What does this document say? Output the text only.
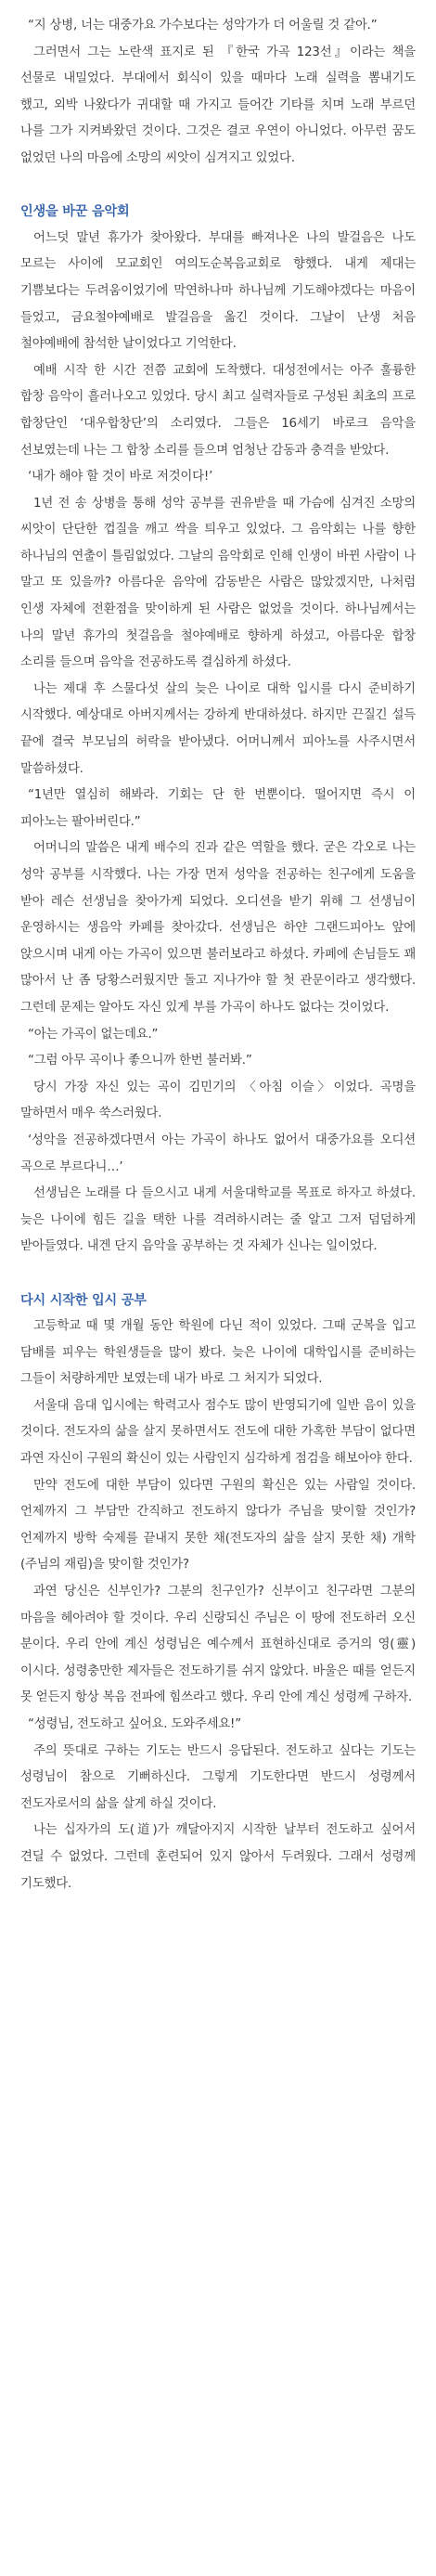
“지 상병, 너는 대중가요 가수보다는 성악가가 더 어울릴 것 같아.”

그러면서 그는 노란색 표지로 된 『한국 가곡 123선』이라는 책을 선물로 내밀었다. 부대에서 회식이 있을 때마다 노래 실력을 뽐내기도 했고, 외박 나왔다가 귀대할 때 가지고 들어간 기타를 치며 노래 부르던 나를 그가 지켜봐왔던 것이다. 그것은 결코 우연이 아니었다. 아무런 꿈도 없었던 나의 마음에 소망의 씨앗이 심겨지고 있었다.

인생을 바꾼 음악회

어느덧 말년 휴가가 찾아왔다. 부대를 빠져나온 나의 발걸음은 나도 모르는 사이에 모교회인 여의도순복음교회로 향했다. 내게 제대는 기쁨보다는 두려움이었기에 막연하나마 하나님께 기도해야겠다는 마음이 들었고, 금요철야예배로 발걸음을 옮긴 것이다. 그날이 난생 처음 철야예배에 참석한 날이었다고 기억한다.

예배 시작 한 시간 전쯤 교회에 도착했다. 대성전에서는 아주 훌륭한 합창 음악이 흘러나오고 있었다. 당시 최고 실력자들로 구성된 최초의 프로 합창단인 ‘대우합창단’의 소리였다. 그들은 16세기 바로크 음악을 선보였는데 나는 그 합창 소리를 들으며 엄청난 감동과 충격을 받았다.

‘내가 해야 할 것이 바로 저것이다!’

1년 전 송 상병을 통해 성악 공부를 권유받을 때 가슴에 심겨진 소망의 씨앗이 단단한 껍질을 깨고 싹을 틔우고 있었다. 그 음악회는 나를 향한 하나님의 연출이 틀림없었다. 그날의 음악회로 인해 인생이 바뀐 사람이 나 말고 또 있을까? 아름다운 음악에 감동받은 사람은 많았겠지만, 나처럼 인생 자체에 전환점을 맞이하게 된 사람은 없었을 것이다. 하나님께서는 나의 말년 휴가의 첫걸음을 철야예배로 향하게 하셨고, 아름다운 합창 소리를 들으며 음악을 전공하도록 결심하게 하셨다.

나는 제대 후 스물다섯 살의 늦은 나이로 대학 입시를 다시 준비하기 시작했다. 예상대로 아버지께서는 강하게 반대하셨다. 하지만 끈질긴 설득 끝에 결국 부모님의 허락을 받아냈다. 어머니께서 피아노를 사주시면서 말씀하셨다.

“1년만 열심히 해봐라. 기회는 단 한 번뿐이다. 떨어지면 즉시 이 피아노는 팔아버린다.”

어머니의 말씀은 내게 배수의 진과 같은 역할을 했다. 굳은 각오로 나는 성악 공부를 시작했다. 나는 가장 먼저 성악을 전공하는 친구에게 도움을 받아 레슨 선생님을 찾아가게 되었다. 오디션을 받기 위해 그 선생님이 운영하시는 생음악 카페를 찾아갔다. 선생님은 하얀 그랜드피아노 앞에 앉으시며 내게 아는 가곡이 있으면 불러보라고 하셨다. 카페에 손님들도 꽤 많아서 난 좀 당황스러웠지만 돌고 지나가야 할 첫 관문이라고 생각했다. 그런데 문제는 알아도 자신 있게 부를 가곡이 하나도 없다는 것이었다.

“아는 가곡이 없는데요.”

“그럼 아무 곡이나 좋으니까 한번 불러봐.”

당시 가장 자신 있는 곡이 김민기의 〈아침 이슬〉이었다. 곡명을 말하면서 매우 쑥스러웠다.

‘성악을 전공하겠다면서 아는 가곡이 하나도 없어서 대중가요를 오디션 곡으로 부르다니…’

선생님은 노래를 다 들으시고 내게 서울대학교를 목표로 하자고 하셨다. 늦은 나이에 힘든 길을 택한 나를 격려하시려는 줄 알고 그저 덤덤하게 받아들였다. 내겐 단지 음악을 공부하는 것 자체가 신나는 일이었다.

다시 시작한 입시 공부

고등학교 때 몇 개월 동안 학원에 다닌 적이 있었다. 그때 군복을 입고 담배를 피우는 학원생들을 많이 봤다. 늦은 나이에 대학입시를 준비하는 그들이 처량하게만 보였는데 내가 바로 그 처지가 되었다.

서울대 음대 입시에는 학력고사 점수도 많이 반영되기에 일반 음이 있을 것이다. 전도자의 삶을 살지 못하면서도 전도에 대한 가혹한 부담이 없다면 과연 자신이 구원의 확신이 있는 사람인지 심각하게 점검을 해보아야 한다.

만약 전도에 대한 부담이 있다면 구원의 확신은 있는 사람일 것이다. 언제까지 그 부담만 간직하고 전도하지 않다가 주님을 맞이할 것인가? 언제까지 방학 숙제를 끝내지 못한 채(전도자의 삶을 살지 못한 채) 개학(주님의 재림)을 맞이할 것인가?

과연 당신은 신부인가? 그분의 친구인가? 신부이고 친구라면 그분의 마음을 헤아려야 할 것이다. 우리 신랑되신 주님은 이 땅에 전도하러 오신 분이다. 우리 안에 계신 성령님은 예수께서 표현하신대로 증거의 영(靈)이시다. 성령충만한 제자들은 전도하기를 쉬지 않았다. 바울은 때를 얻든지 못 얻든지 항상 복음 전파에 힘쓰라고 했다. 우리 안에 계신 성령께 구하자.

“성령님, 전도하고 싶어요. 도와주세요!”

주의 뜻대로 구하는 기도는 반드시 응답된다. 전도하고 싶다는 기도는 성령님이 참으로 기뻐하신다. 그렇게 기도한다면 반드시 성령께서 전도자로서의 삶을 살게 하실 것이다.

나는 십자가의 도(道)가 깨달아지지 시작한 날부터 전도하고 싶어서 견딜 수 없었다. 그런데 훈련되어 있지 않아서 두려웠다. 그래서 성령께 기도했다.
